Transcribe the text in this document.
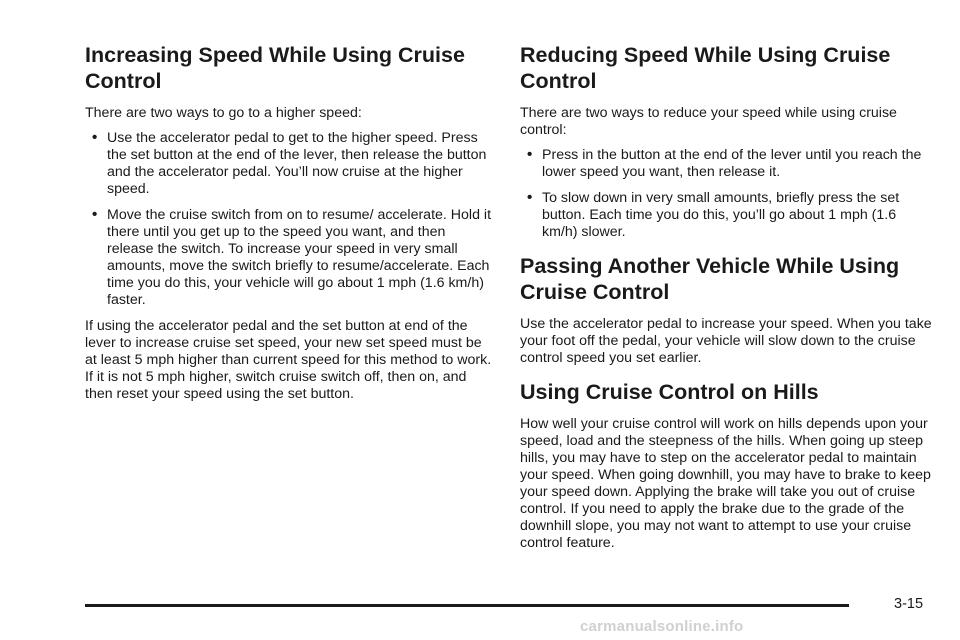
Increasing Speed While Using Cruise Control

There are two ways to go to a higher speed:

• Use the accelerator pedal to get to the higher speed. Press the set button at the end of the lever, then release the button and the accelerator pedal. You’ll now cruise at the higher speed.
• Move the cruise switch from on to resume/ accelerate. Hold it there until you get up to the speed you want, and then release the switch. To increase your speed in very small amounts, move the switch briefly to resume/accelerate. Each time you do this, your vehicle will go about 1 mph (1.6 km/h) faster.

If using the accelerator pedal and the set button at end of the lever to increase cruise set speed, your new set speed must be at least 5 mph higher than current speed for this method to work. If it is not 5 mph higher, switch cruise switch off, then on, and then reset your speed using the set button.

Reducing Speed While Using Cruise Control

There are two ways to reduce your speed while using cruise control:

• Press in the button at the end of the lever until you reach the lower speed you want, then release it.
• To slow down in very small amounts, briefly press the set button. Each time you do this, you’ll go about 1 mph (1.6 km/h) slower.
Passing Another Vehicle While Using Cruise Control

Use the accelerator pedal to increase your speed. When you take your foot off the pedal, your vehicle will slow down to the cruise control speed you set earlier.

Using Cruise Control on Hills

How well your cruise control will work on hills depends upon your speed, load and the steepness of the hills. When going up steep hills, you may have to step on the accelerator pedal to maintain your speed. When going downhill, you may have to brake to keep your speed down. Applying the brake will take you out of cruise control. If you need to apply the brake due to the grade of the downhill slope, you may not want to attempt to use your cruise control feature.

3-15
carmanualsonline.info
